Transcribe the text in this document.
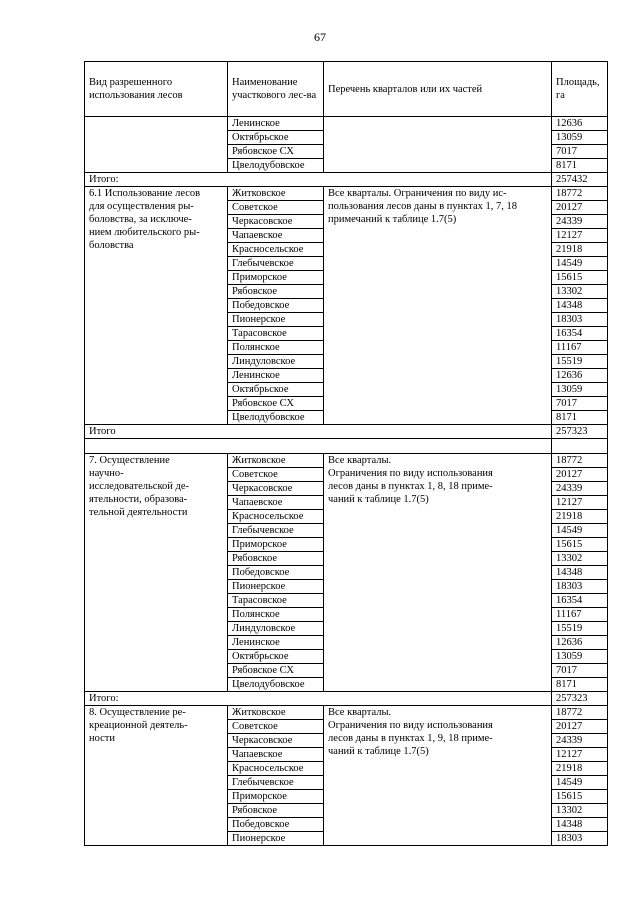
67
Вид разрешенного использования лесов	Наименование участкового лес-ва	Перечень кварталов или их частей	Площадь, га
	Ленинское		12636
	Октябрьское		13059
	Рябовское СХ		7017
	Цвелодубовское		8171
Итого:			257432

6.1 Использование лесов
для осуществления ры-
боловства, за исключе-
нием любительского ры-
боловства	Житковское	Все кварталы. Ограничения по виду ис-
пользования лесов даны в пунктах 1, 7, 18
примечаний к таблице 1.7(5)	18772
	Советское		20127
	Черкасовское		24339
	Чапаевское		12127
	Красносельское		21918
	Глебычевское		14549
	Приморское		15615
	Рябовское		13302
	Победовское		14348
	Пионерское		18303
	Тарасовское		16354
	Полянское		11167
	Линдуловское		15519
	Ленинское		12636
	Октябрьское		13059
	Рябовское СХ		7017
	Цвелодубовское		8171
Итого			257323

7. Осуществление
научно-
исследовательской де-
ятельности, образова-
тельной деятельности	Житковское	Все кварталы.
Ограничения по виду использования
лесов даны в пунктах 1, 8, 18 приме-
чаний к таблице 1.7(5)	18772
	Советское		20127
	Черкасовское		24339
	Чапаевское		12127
	Красносельское		21918
	Глебычевское		14549
	Приморское		15615
	Рябовское		13302
	Победовское		14348
	Пионерское		18303
	Тарасовское		16354
	Полянское		11167
	Линдуловское		15519
	Ленинское		12636
	Октябрьское		13059
	Рябовское СХ		7017
	Цвелодубовское		8171
Итого:			257323

8. Осуществление ре-
креационной деятель-
ности	Житковское	Все кварталы.
Ограничения по виду использования
лесов даны в пунктах 1, 9, 18 приме-
чаний к таблице 1.7(5)	18772
	Советское		20127
	Черкасовское		24339
	Чапаевское		12127
	Красносельское		21918
	Глебычевское		14549
	Приморское		15615
	Рябовское		13302
	Победовское		14348
	Пионерское		18303
